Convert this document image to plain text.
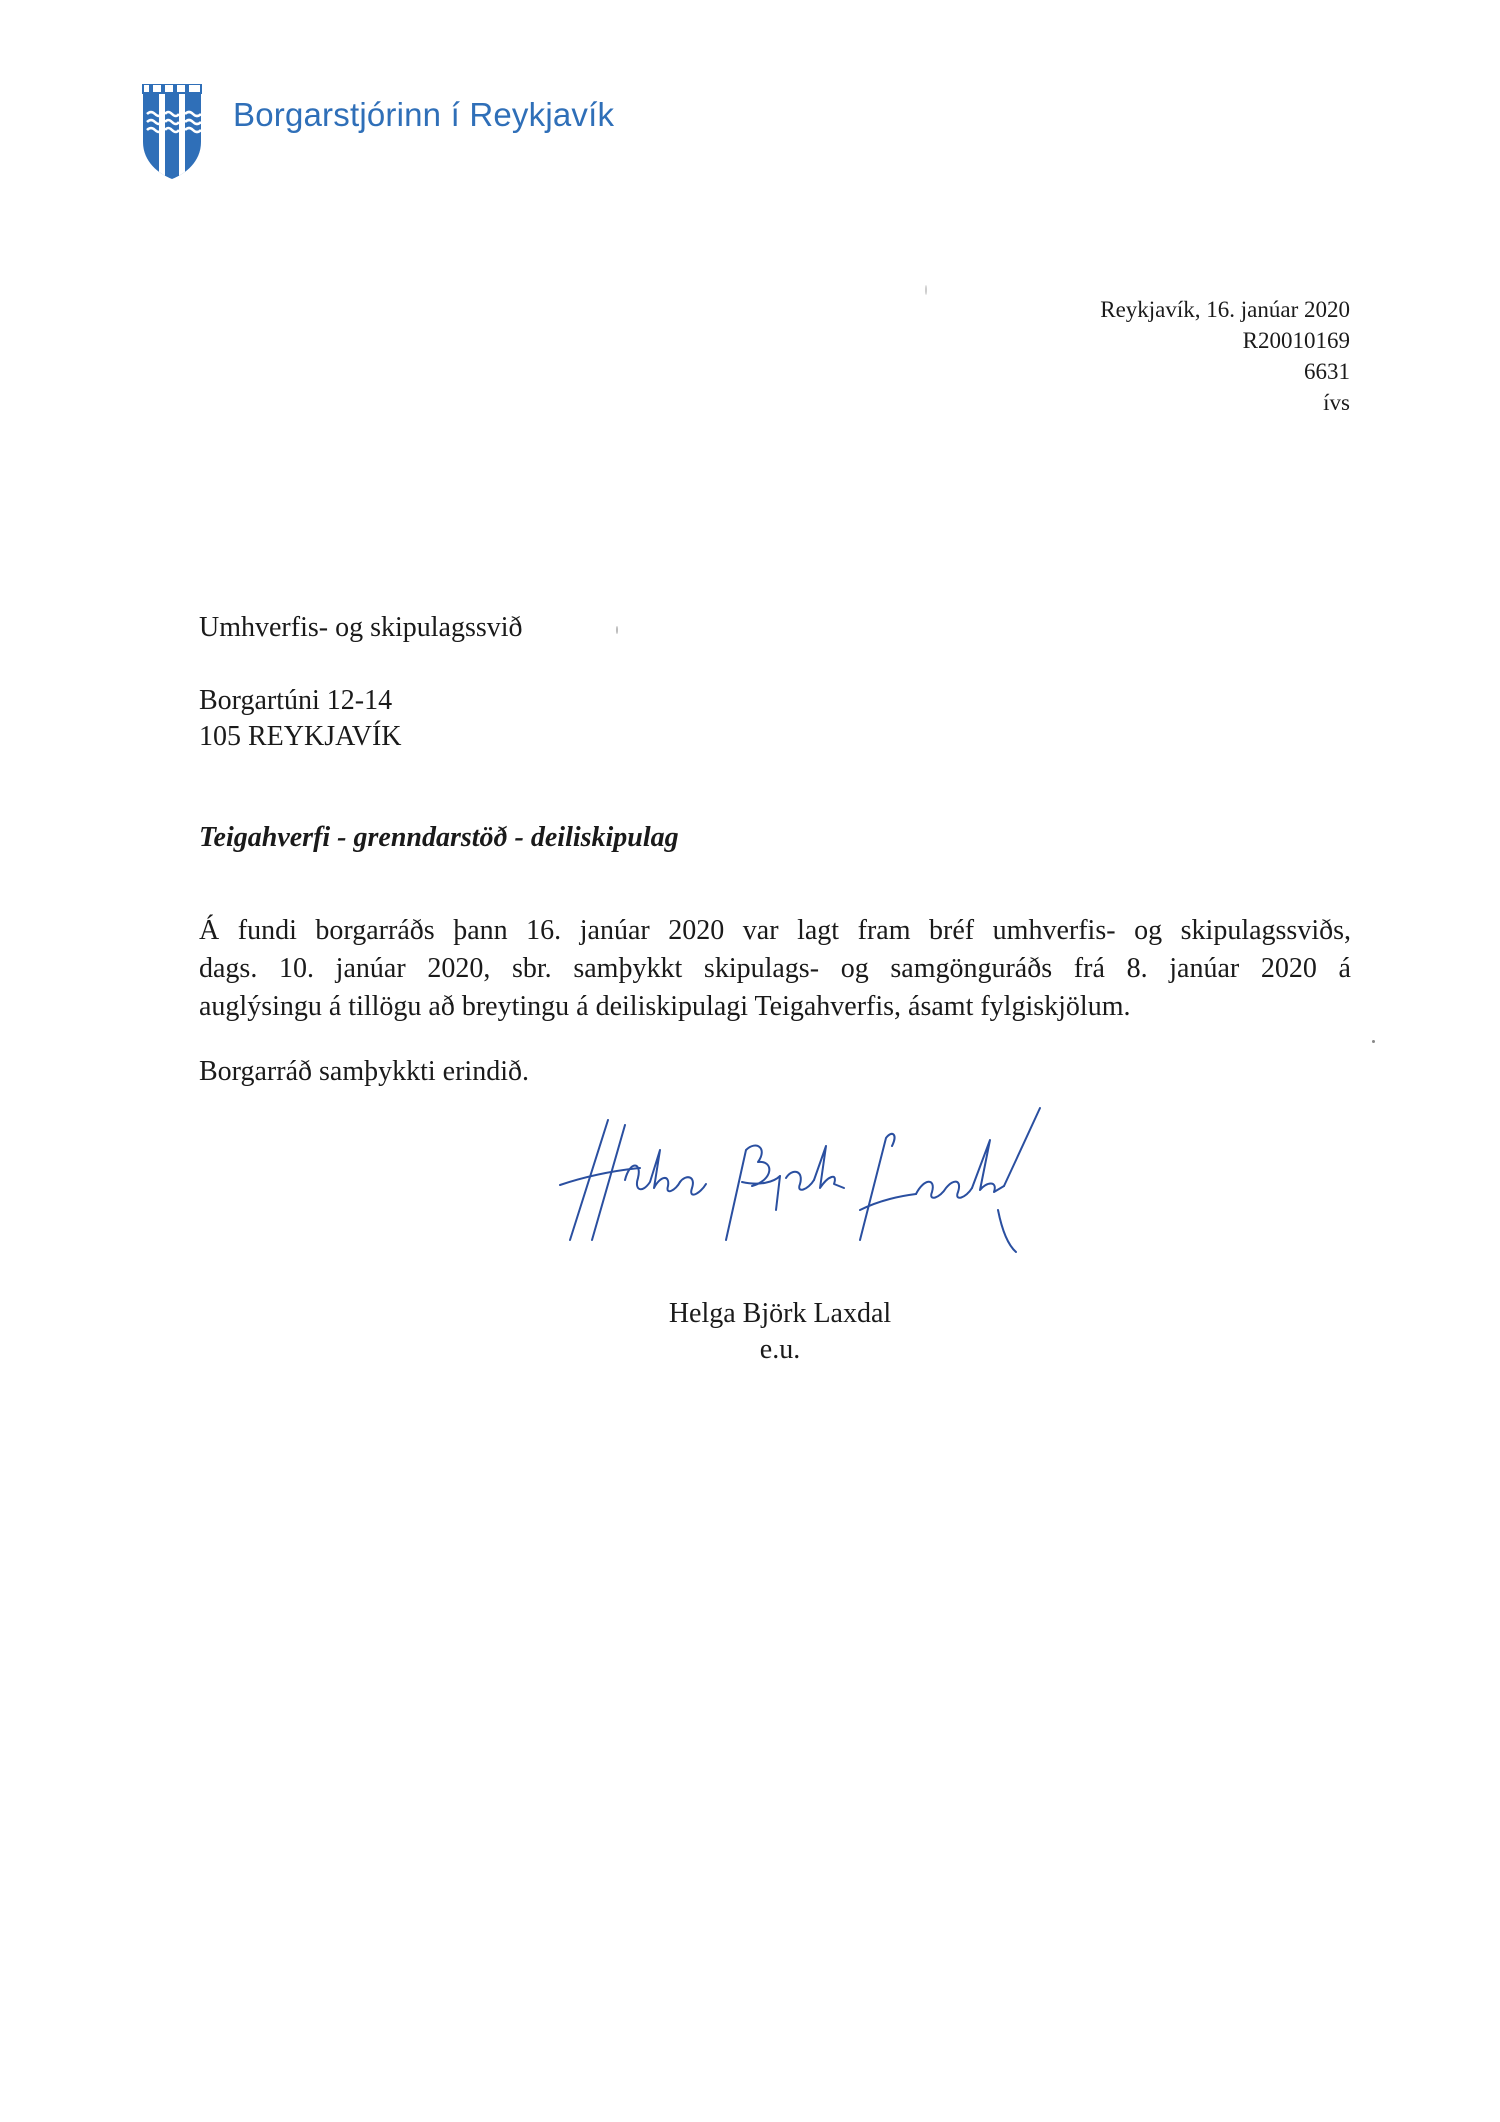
Borgarstjórinn í Reykjavík
Reykjavík, 16. janúar 2020
R20010169
6631
ívs
Umhverfis- og skipulagssvið
Borgartúni 12-14
105 REYKJAVÍK
Teigahverfi - grenndarstöð - deiliskipulag
Á fundi borgarráðs þann 16. janúar 2020 var lagt fram bréf umhverfis- og skipulagssviðs,
dags. 10. janúar 2020, sbr. samþykkt skipulags- og samgönguráðs frá 8. janúar 2020 á
auglýsingu á tillögu að breytingu á deiliskipulagi Teigahverfis, ásamt fylgiskjölum.
Borgarráð samþykkti erindið.
Helga Björk Laxdal
e.u.
